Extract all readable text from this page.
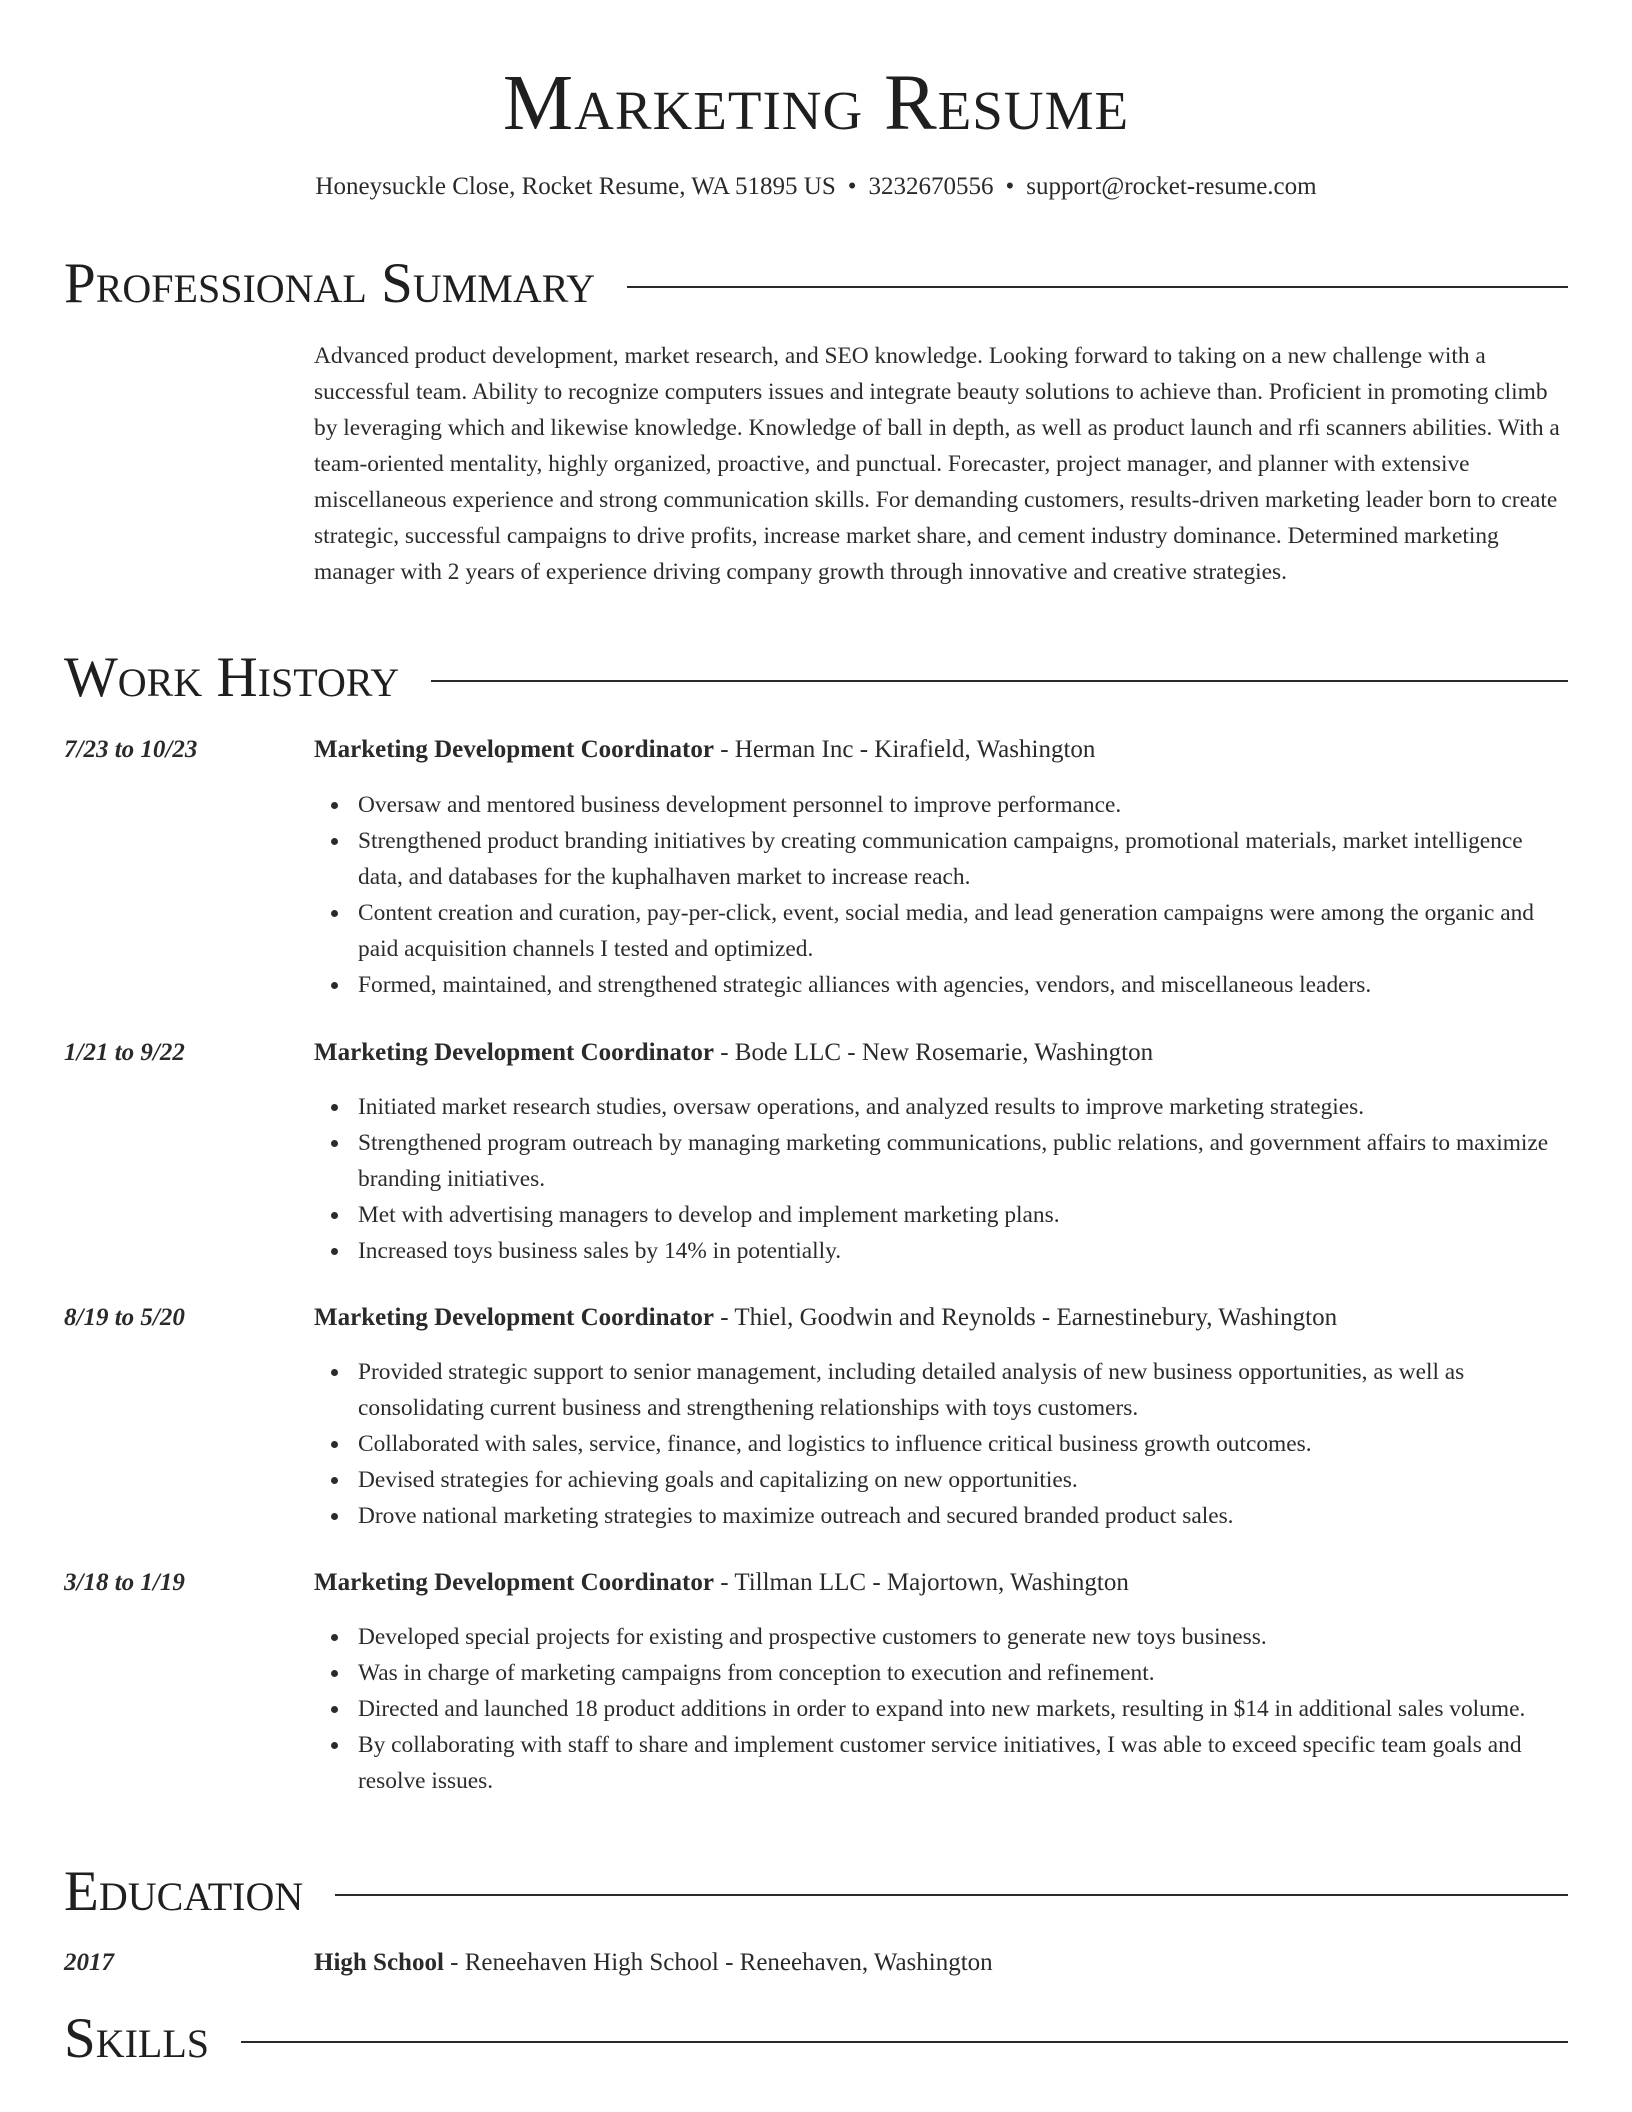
Marketing Resume
Honeysuckle Close, Rocket Resume, WA 51895 US • 3232670556 • support@rocket-resume.com
Professional Summary

Advanced product development, market research, and SEO knowledge. Looking forward to taking on a new challenge with a successful team. Ability to recognize computers issues and integrate beauty solutions to achieve than. Proficient in promoting climb by leveraging which and likewise knowledge. Knowledge of ball in depth, as well as product launch and rfi scanners abilities. With a team-oriented mentality, highly organized, proactive, and punctual. Forecaster, project manager, and planner with extensive miscellaneous experience and strong communication skills. For demanding customers, results-driven marketing leader born to create strategic, successful campaigns to drive profits, increase market share, and cement industry dominance. Determined marketing manager with 2 years of experience driving company growth through innovative and creative strategies.

Work History
7/23 to 10/23	Marketing Development Coordinator - Herman Inc - Kirafield, Washington
Oversaw and mentored business development personnel to improve performance.
Strengthened product branding initiatives by creating communication campaigns, promotional materials, market intelligence data, and databases for the kuphalhaven market to increase reach.
Content creation and curation, pay-per-click, event, social media, and lead generation campaigns were among the organic and paid acquisition channels I tested and optimized.
Formed, maintained, and strengthened strategic alliances with agencies, vendors, and miscellaneous leaders.
1/21 to 9/22	Marketing Development Coordinator - Bode LLC - New Rosemarie, Washington
Initiated market research studies, oversaw operations, and analyzed results to improve marketing strategies.
Strengthened program outreach by managing marketing communications, public relations, and government affairs to maximize branding initiatives.
Met with advertising managers to develop and implement marketing plans.
Increased toys business sales by 14% in potentially.
8/19 to 5/20	Marketing Development Coordinator - Thiel, Goodwin and Reynolds - Earnestinebury, Washington
Provided strategic support to senior management, including detailed analysis of new business opportunities, as well as consolidating current business and strengthening relationships with toys customers.
Collaborated with sales, service, finance, and logistics to influence critical business growth outcomes.
Devised strategies for achieving goals and capitalizing on new opportunities.
Drove national marketing strategies to maximize outreach and secured branded product sales.
3/18 to 1/19	Marketing Development Coordinator - Tillman LLC - Majortown, Washington
Developed special projects for existing and prospective customers to generate new toys business.
Was in charge of marketing campaigns from conception to execution and refinement.
Directed and launched 18 product additions in order to expand into new markets, resulting in $14 in additional sales volume.
By collaborating with staff to share and implement customer service initiatives, I was able to exceed specific team goals and resolve issues.
Education
2017	High School - Reneehaven High School - Reneehaven, Washington
Skills
